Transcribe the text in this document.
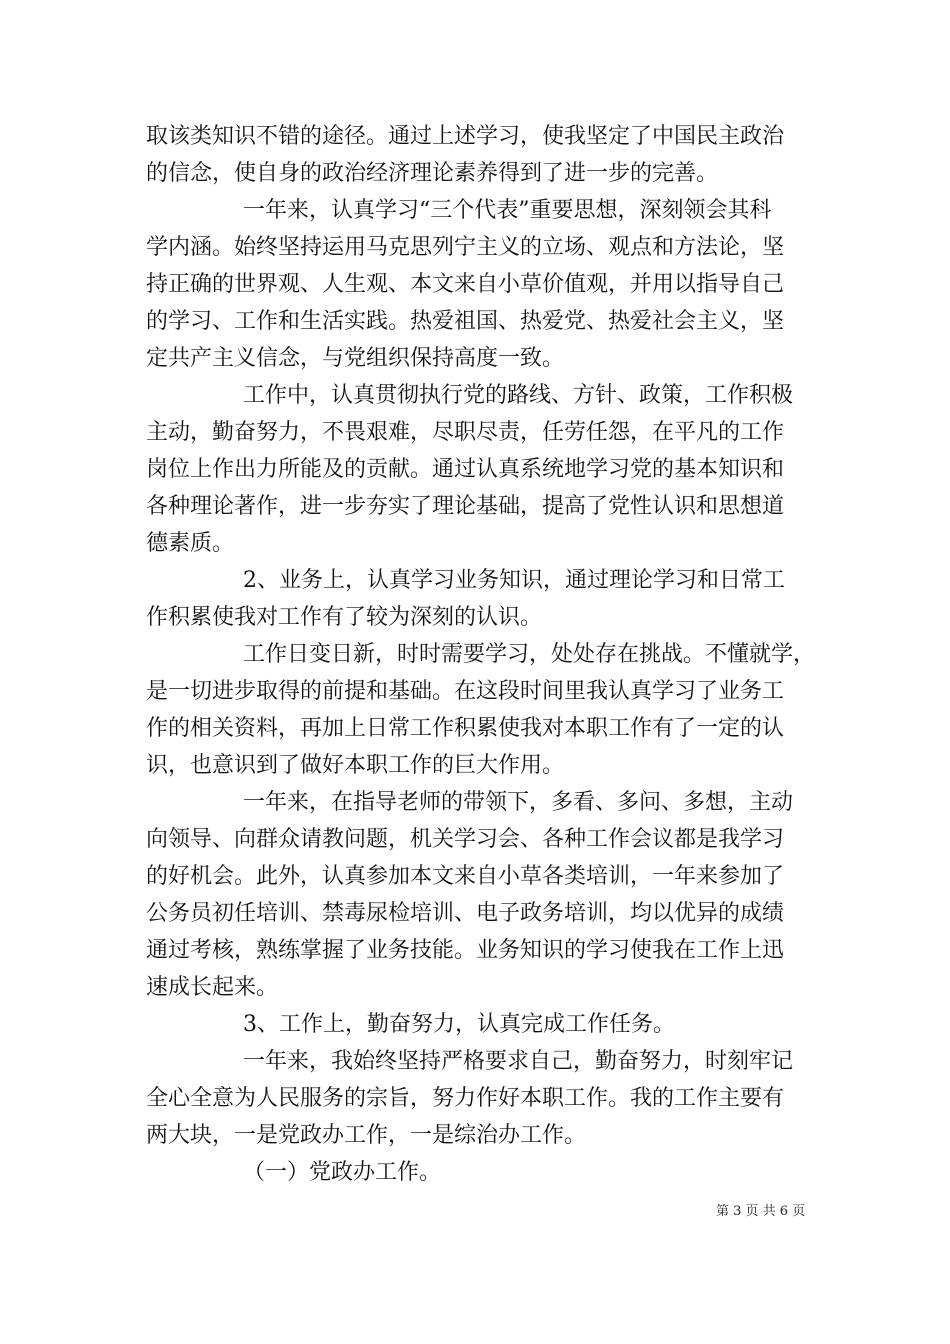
取该类知识不错的途径。通过上述学习，使我坚定了中国民主政治
的信念，使自身的政治经济理论素养得到了进一步的完善。
一年来，认真学习“三个代表”重要思想，深刻领会其科
学内涵。始终坚持运用马克思列宁主义的立场、观点和方法论，坚
持正确的世界观、人生观、本文来自小草价值观，并用以指导自己
的学习、工作和生活实践。热爱祖国、热爱党、热爱社会主义，坚
定共产主义信念，与党组织保持高度一致。
工作中，认真贯彻执行党的路线、方针、政策，工作积极
主动，勤奋努力，不畏艰难，尽职尽责，任劳任怨，在平凡的工作
岗位上作出力所能及的贡献。通过认真系统地学习党的基本知识和
各种理论著作，进一步夯实了理论基础，提高了党性认识和思想道
德素质。
2、业务上，认真学习业务知识，通过理论学习和日常工
作积累使我对工作有了较为深刻的认识。
工作日变日新，时时需要学习，处处存在挑战。不懂就学，
是一切进步取得的前提和基础。在这段时间里我认真学习了业务工
作的相关资料，再加上日常工作积累使我对本职工作有了一定的认
识，也意识到了做好本职工作的巨大作用。
一年来，在指导老师的带领下，多看、多问、多想，主动
向领导、向群众请教问题，机关学习会、各种工作会议都是我学习
的好机会。此外，认真参加本文来自小草各类培训，一年来参加了
公务员初任培训、禁毒尿检培训、电子政务培训，均以优异的成绩
通过考核，熟练掌握了业务技能。业务知识的学习使我在工作上迅
速成长起来。
3、工作上，勤奋努力，认真完成工作任务。
一年来，我始终坚持严格要求自己，勤奋努力，时刻牢记
全心全意为人民服务的宗旨，努力作好本职工作。我的工作主要有
两大块，一是党政办工作，一是综治办工作。
（一）党政办工作。
第 3 页 共 6 页
